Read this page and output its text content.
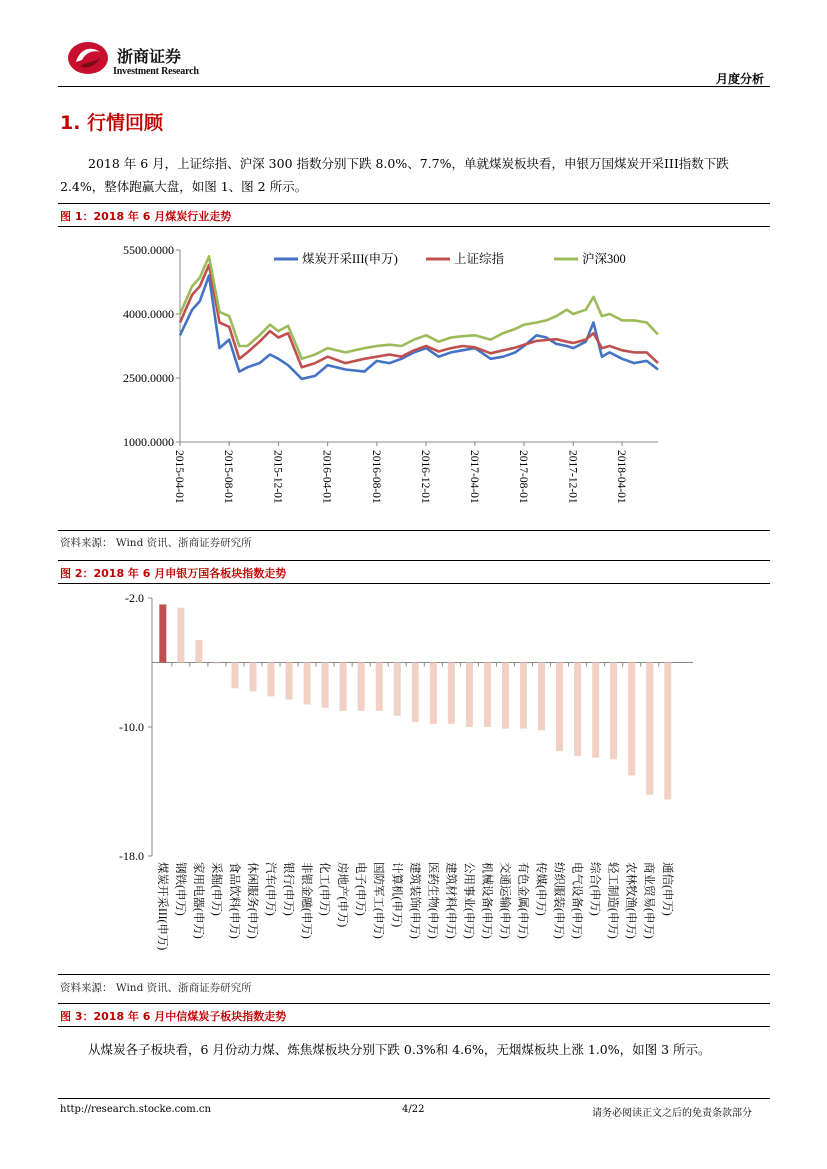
浙商证券
Investment Research
月度分析
1. 行情回顾
2018 年 6 月，上证综指、沪深 300 指数分别下跌 8.0%、7.7%，单就煤炭板块看，申银万国煤炭开采III指数下跌
2.4%，整体跑赢大盘，如图 1、图 2 所示。
图 1：2018 年 6 月煤炭行业走势
5500.0000
4000.0000
2500.0000
1000.0000
2015-04-01	2015-08-01	2015-12-01	2016-04-01	2016-08-01	2016-12-01	2017-04-01	2017-08-01	2017-12-01	2018-04-01
煤炭开采III(申万)	上证综指	沪深300
资料来源： Wind 资讯、浙商证券研究所
图 2：2018 年 6 月申银万国各板块指数走势
-2.0
-10.0
-18.0
煤炭开采III(申万) 钢铁(申万) 家用电器(申万) 采掘(申万) 食品饮料(申万) 休闲服务(申万) 汽车(申万) 银行(申万) 非银金融(申万) 化工(申万) 房地产(申万) 电子(申万) 国防军工(申万) 计算机(申万) 建筑装饰(申万) 医药生物(申万) 建筑材料(申万) 公用事业(申万) 机械设备(申万) 交通运输(申万) 有色金属(申万) 传媒(申万) 纺织服装(申万) 电气设备(申万) 综合(申万) 轻工制造(申万) 农林牧渔(申万) 商业贸易(申万) 通信(申万)
资料来源： Wind 资讯、浙商证券研究所
图 3：2018 年 6 月中信煤炭子板块指数走势
从煤炭各子板块看，6 月份动力煤、炼焦煤板块分别下跌 0.3%和 4.6%，无烟煤板块上涨 1.0%，如图 3 所示。
http://research.stocke.com.cn	4/22	请务必阅读正文之后的免责条款部分
